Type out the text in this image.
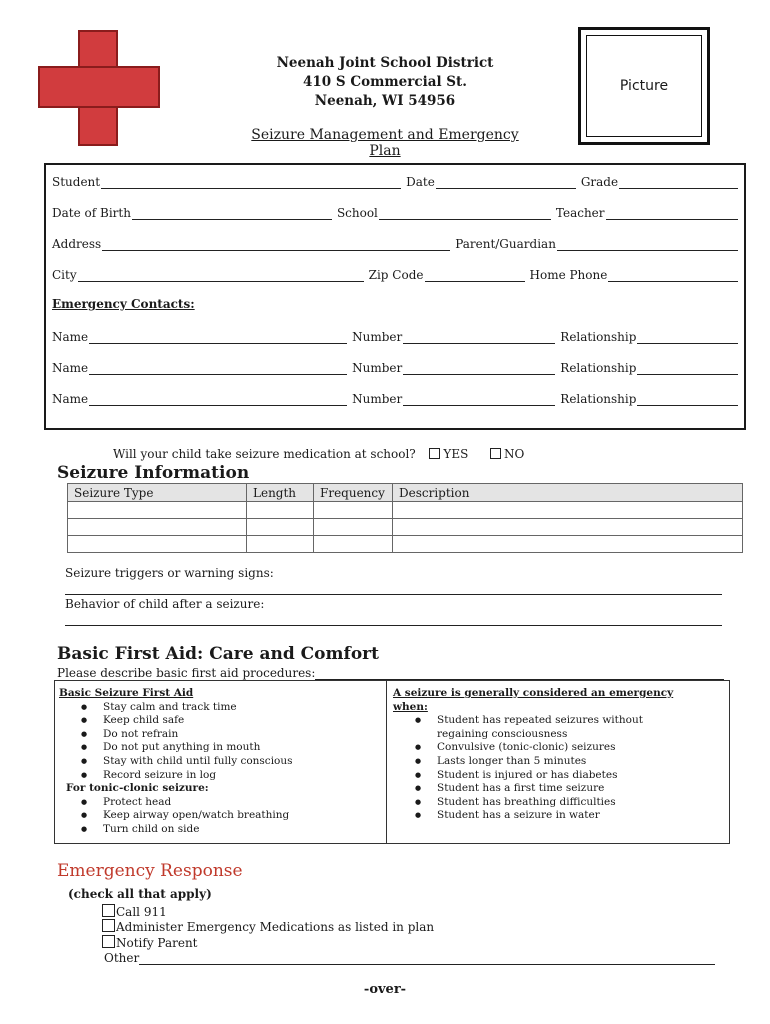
Neenah Joint School District
410 S Commercial St.
Neenah, WI 54956
Seizure Management and Emergency Plan
Picture
Student	Date	Grade
Date of Birth	School	Teacher
Address	Parent/Guardian
City	Zip Code	Home Phone
Emergency Contacts:
Name	Number	Relationship
Name	Number	Relationship
Name	Number	Relationship
Will your child take seizure medication at school? YES	NO
Seizure Information
Seizure Type	Length	Frequency	Description

Seizure triggers or warning signs:
Behavior of child after a seizure:
Basic First Aid: Care and Comfort
Please describe basic first aid procedures:
Basic Seizure First Aid
● Stay calm and track time
● Keep child safe
● Do not refrain
● Do not put anything in mouth
● Stay with child until fully conscious
● Record seizure in log
For tonic-clonic seizure:
● Protect head
● Keep airway open/watch breathing
● Turn child on side
A seizure is generally considered an emergency when:
● Student has repeated seizures without regaining consciousness
● Convulsive (tonic-clonic) seizures
● Lasts longer than 5 minutes
● Student is injured or has diabetes
● Student has a first time seizure
● Student has breathing difficulties
● Student has a seizure in water
Emergency Response
(check all that apply)
Call 911
Administer Emergency Medications as listed in plan
Notify Parent
Other
-over-
